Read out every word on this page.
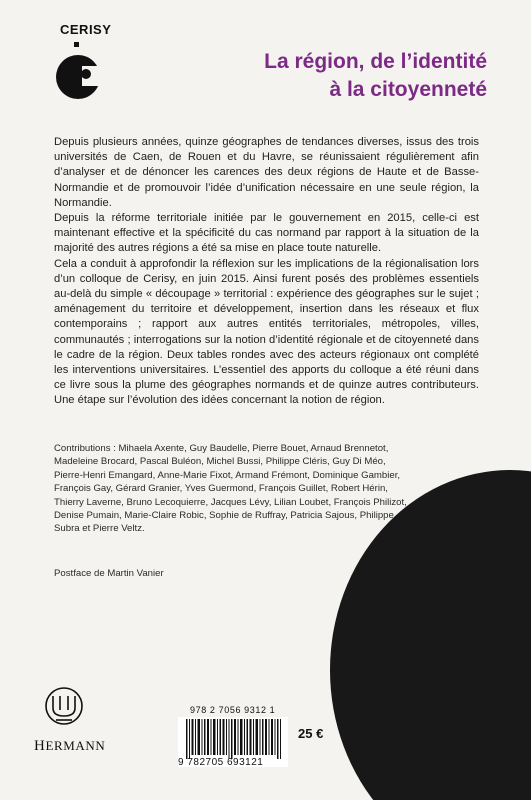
CERISY
La région, de l’identité
à la citoyenneté

Depuis plusieurs années, quinze géographes de tendances diverses, issus des trois universités de Caen, de Rouen et du Havre, se réunissaient régulièrement afin d’analyser et de dénoncer les carences des deux régions de Haute et de Basse-Normandie et de promouvoir l’idée d’unification nécessaire en une seule région, la Normandie.

Depuis la réforme territoriale initiée par le gouvernement en 2015, celle-ci est maintenant effective et la spécificité du cas normand par rapport à la situation de la majorité des autres régions a été sa mise en place toute naturelle.

Cela a conduit à approfondir la réflexion sur les implications de la régionalisation lors d’un colloque de Cerisy, en juin 2015. Ainsi furent posés des problèmes essentiels au-delà du simple « découpage » territorial : expérience des géographes sur le sujet ; aménagement du territoire et développement, insertion dans les réseaux et flux contemporains ; rapport aux autres entités territoriales, métropoles, villes, communautés ; interrogations sur la notion d’identité régionale et de citoyenneté dans le cadre de la région. Deux tables rondes avec des acteurs régionaux ont complété les interventions universitaires. L’essentiel des apports du colloque a été réuni dans ce livre sous la plume des géographes normands et de quinze autres contributeurs. Une étape sur l’évolution des idées concernant la notion de région.

Contributions : Mihaela Axente, Guy Baudelle, Pierre Bouet, Arnaud Brennetot, Madeleine Brocard, Pascal Buléon, Michel Bussi, Philippe Cléris, Guy Di Méo, Pierre-Henri Emangard, Anne-Marie Fixot, Armand Frémont, Dominique Gambier, François Gay, Gérard Granier, Yves Guermond, François Guillet, Robert Hérin, Thierry Laverne, Bruno Lecoquierre, Jacques Lévy, Lilian Loubet, François Philizot, Denise Pumain, Marie-Claire Robic, Sophie de Ruffray, Patricia Sajous, Philippe Subra et Pierre Veltz.
Postface de Martin Vanier
HERMANN
978 2 7056 9312 1
9 782705 693121
25 €
